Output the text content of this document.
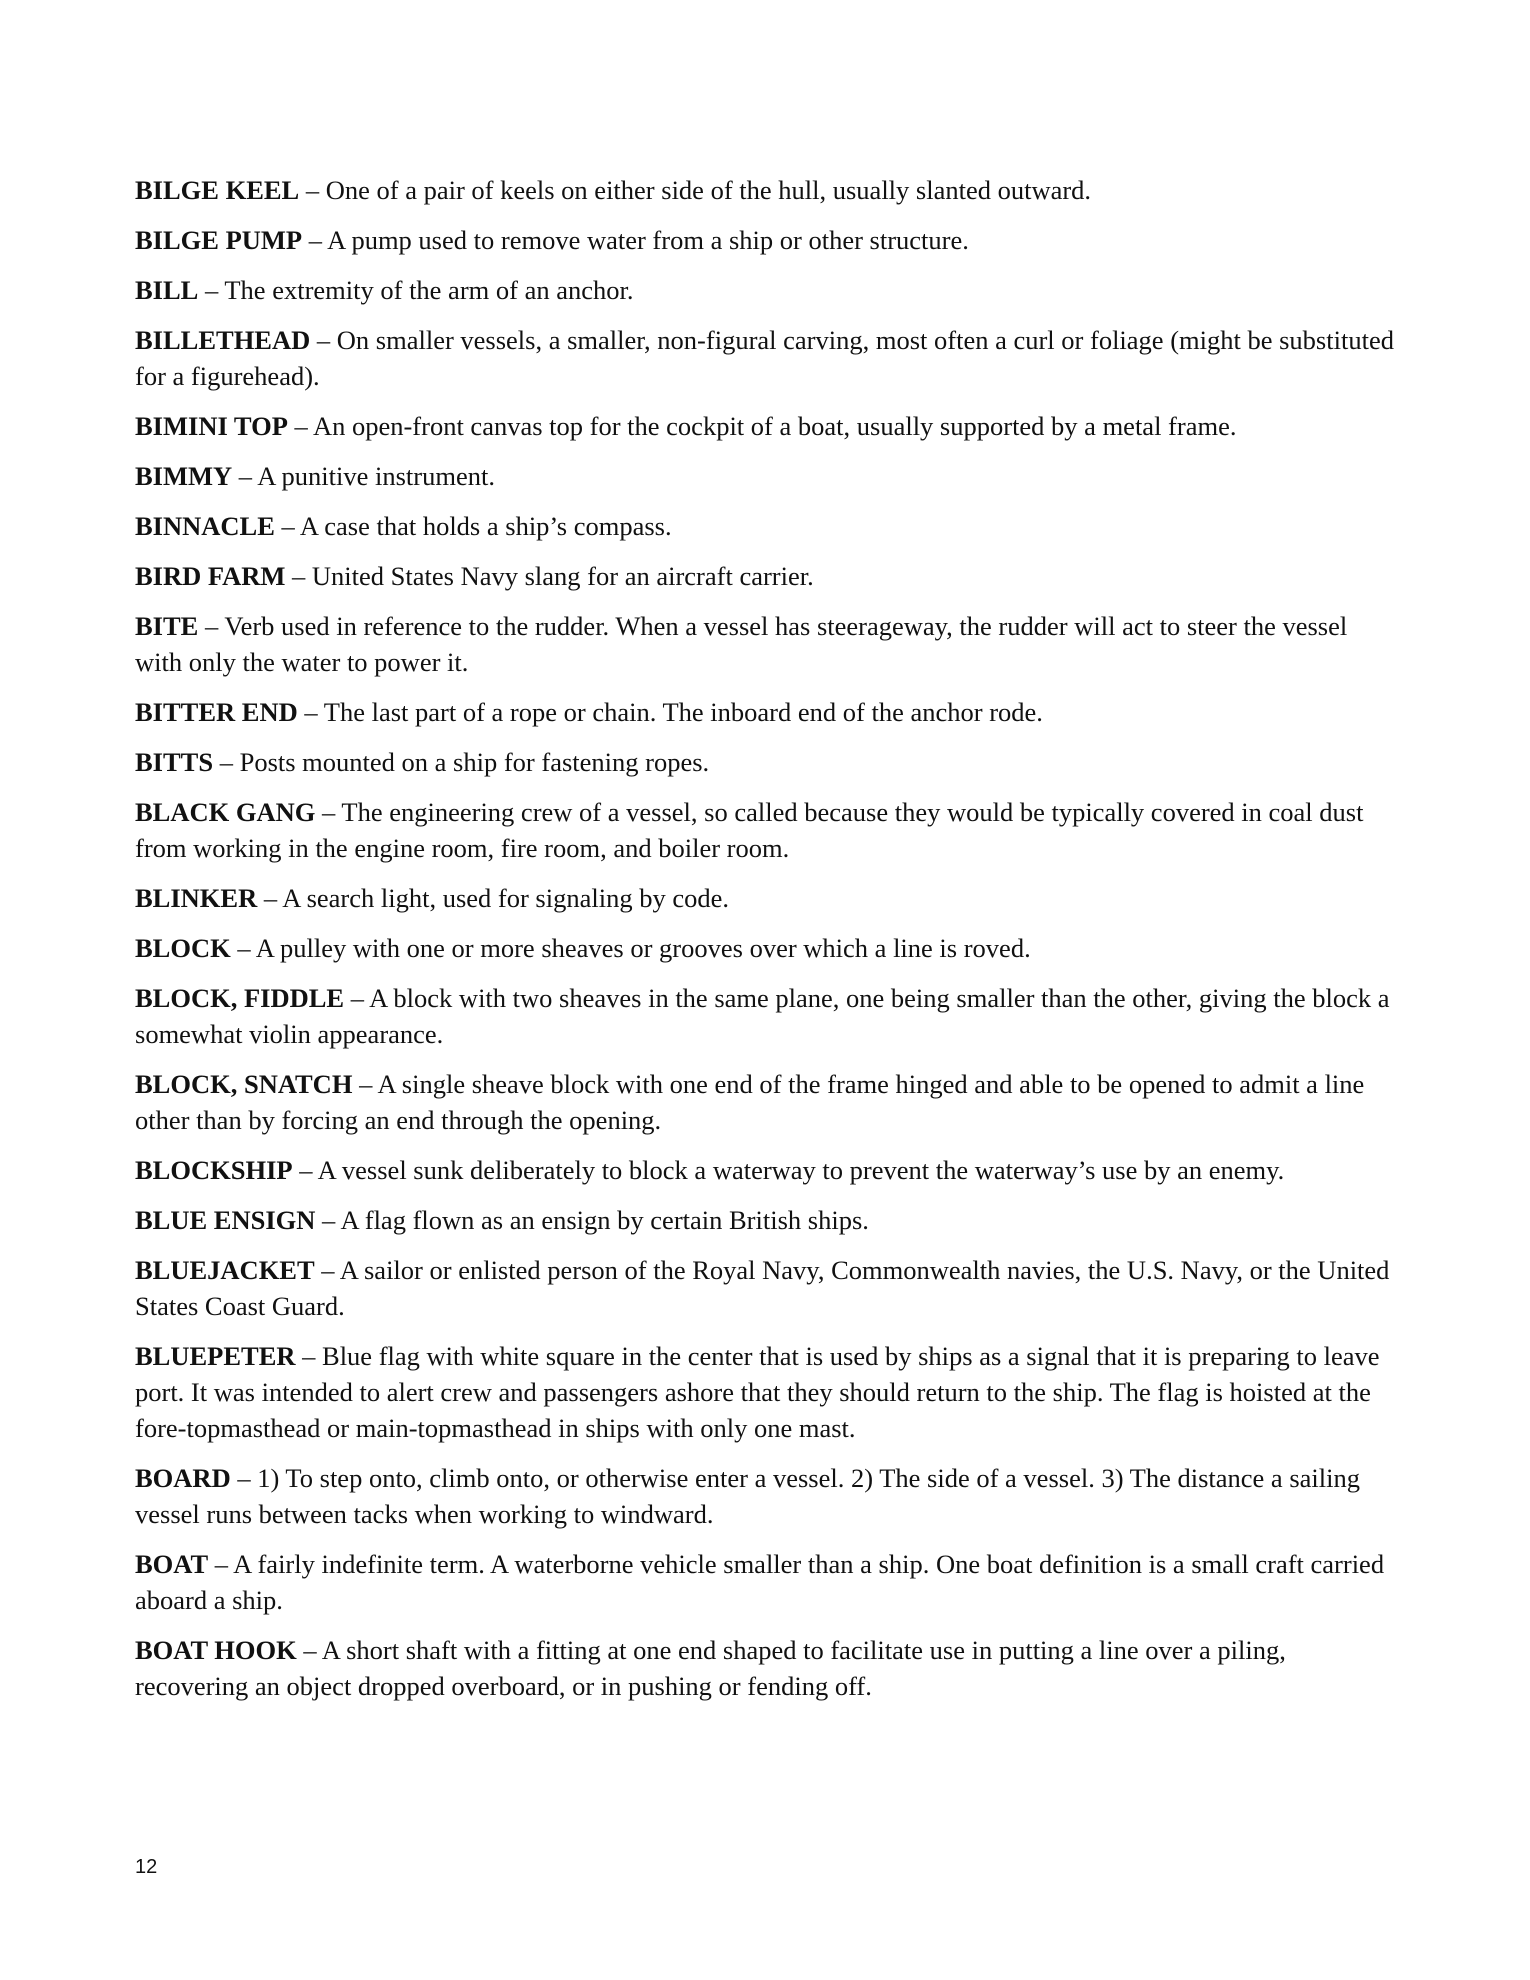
BILGE KEEL – One of a pair of keels on either side of the hull, usually slanted outward.

BILGE PUMP – A pump used to remove water from a ship or other structure.

BILL – The extremity of the arm of an anchor.

BILLETHEAD – On smaller vessels, a smaller, non-figural carving, most often a curl or foliage (might be substituted for a figurehead).

BIMINI TOP – An open-front canvas top for the cockpit of a boat, usually supported by a metal frame.

BIMMY – A punitive instrument.

BINNACLE – A case that holds a ship’s compass.

BIRD FARM – United States Navy slang for an aircraft carrier.

BITE – Verb used in reference to the rudder. When a vessel has steerageway, the rudder will act to steer the vessel with only the water to power it.

BITTER END – The last part of a rope or chain. The inboard end of the anchor rode.

BITTS – Posts mounted on a ship for fastening ropes.

BLACK GANG – The engineering crew of a vessel, so called because they would be typically covered in coal dust from working in the engine room, fire room, and boiler room.

BLINKER – A search light, used for signaling by code.

BLOCK – A pulley with one or more sheaves or grooves over which a line is roved.

BLOCK, FIDDLE – A block with two sheaves in the same plane, one being smaller than the other, giving the block a somewhat violin appearance.

BLOCK, SNATCH – A single sheave block with one end of the frame hinged and able to be opened to admit a line other than by forcing an end through the opening.

BLOCKSHIP – A vessel sunk deliberately to block a waterway to prevent the waterway’s use by an enemy.

BLUE ENSIGN – A flag flown as an ensign by certain British ships.

BLUEJACKET – A sailor or enlisted person of the Royal Navy, Commonwealth navies, the U.S. Navy, or the United States Coast Guard.

BLUEPETER – Blue flag with white square in the center that is used by ships as a signal that it is preparing to leave port. It was intended to alert crew and passengers ashore that they should return to the ship. The flag is hoisted at the fore-topmasthead or main-topmasthead in ships with only one mast.

BOARD – 1) To step onto, climb onto, or otherwise enter a vessel. 2) The side of a vessel. 3) The distance a sailing vessel runs between tacks when working to windward.

BOAT – A fairly indefinite term. A waterborne vehicle smaller than a ship. One boat definition is a small craft carried aboard a ship.

BOAT HOOK – A short shaft with a fitting at one end shaped to facilitate use in putting a line over a piling, recovering an object dropped overboard, or in pushing or fending off.

12
